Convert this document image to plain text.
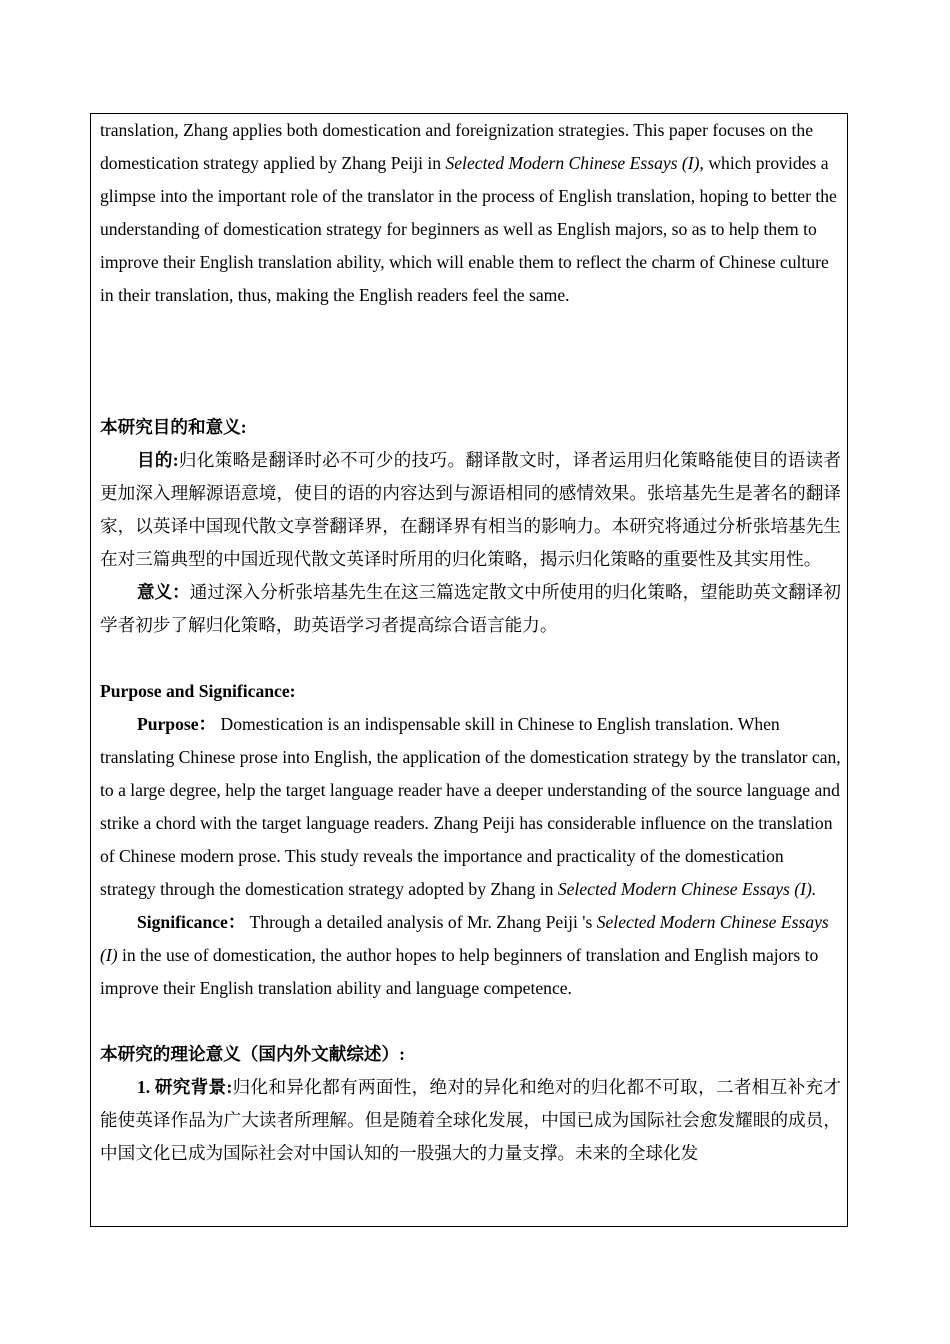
translation, Zhang applies both domestication and foreignization strategies. This paper focuses on the domestication strategy applied by Zhang Peiji in Selected Modern Chinese Essays (I), which provides a glimpse into the important role of the translator in the process of English translation, hoping to better the understanding of domestication strategy for beginners as well as English majors, so as to help them to improve their English translation ability, which will enable them to reflect the charm of Chinese culture in their translation, thus, making the English readers feel the same.

本研究目的和意义:

目的:归化策略是翻译时必不可少的技巧。翻译散文时，译者运用归化策略能使目的语读者更加深入理解源语意境，使目的语的内容达到与源语相同的感情效果。张培基先生是著名的翻译家，以英译中国现代散文享誉翻译界，在翻译界有相当的影响力。本研究将通过分析张培基先生在对三篇典型的中国近现代散文英译时所用的归化策略，揭示归化策略的重要性及其实用性。

意义：通过深入分析张培基先生在这三篇选定散文中所使用的归化策略，望能助英文翻译初学者初步了解归化策略，助英语学习者提高综合语言能力。

Purpose and Significance:

Purpose： Domestication is an indispensable skill in Chinese to English translation. When translating Chinese prose into English, the application of the domestication strategy by the translator can, to a large degree, help the target language reader have a deeper understanding of the source language and strike a chord with the target language readers. Zhang Peiji has considerable influence on the translation of Chinese modern prose. This study reveals the importance and practicality of the domestication strategy through the domestication strategy adopted by Zhang in Selected Modern Chinese Essays (I).

Significance： Through a detailed analysis of Mr. Zhang Peiji 's Selected Modern Chinese Essays (I) in the use of domestication, the author hopes to help beginners of translation and English majors to improve their English translation ability and language competence.

本研究的理论意义（国内外文献综述）:

1. 研究背景:归化和异化都有两面性，绝对的异化和绝对的归化都不可取，二者相互补充才能使英译作品为广大读者所理解。但是随着全球化发展，中国已成为国际社会愈发耀眼的成员，中国文化已成为国际社会对中国认知的一股强大的力量支撑。未来的全球化发
